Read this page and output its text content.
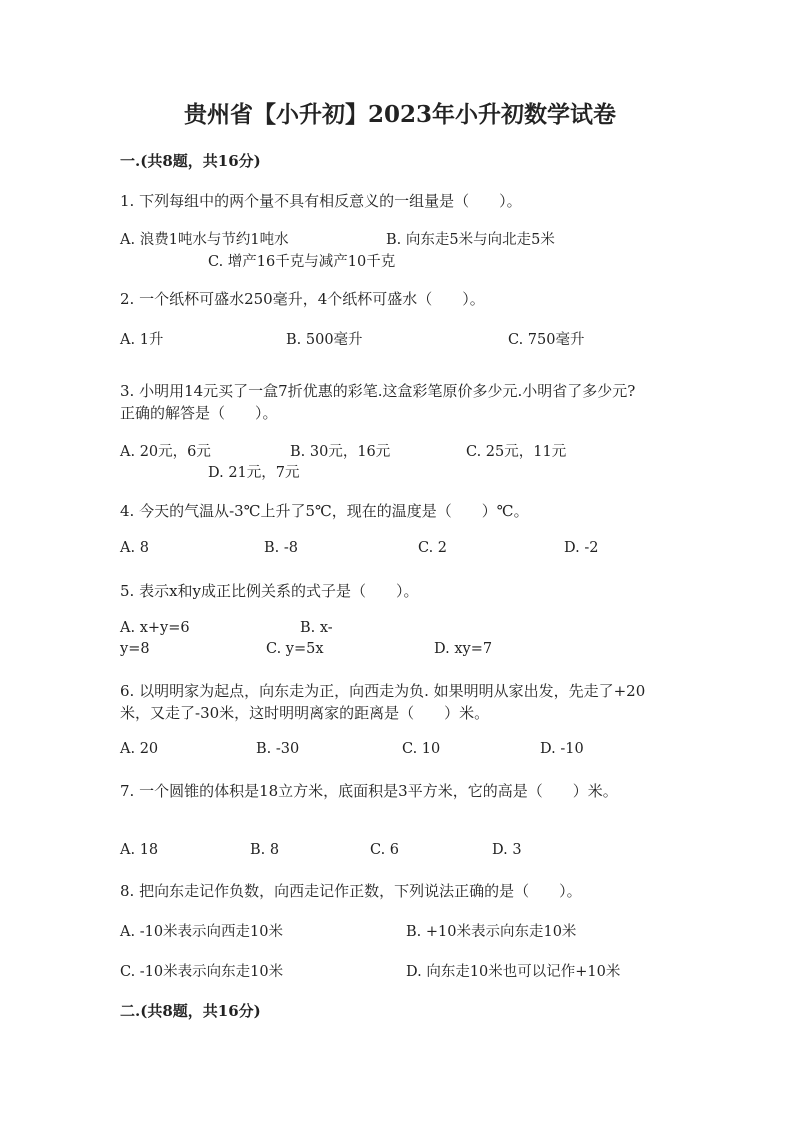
贵州省【小升初】2023年小升初数学试卷
一.(共8题，共16分)
1. 下列每组中的两个量不具有相反意义的一组量是（　　）。
A. 浪费1吨水与节约1吨水	B. 向东走5米与向北走5米
C. 增产16千克与减产10千克
2. 一个纸杯可盛水250毫升，4个纸杯可盛水（　　）。
A. 1升	B. 500毫升	C. 750毫升
3. 小明用14元买了一盒7折优惠的彩笔.这盒彩笔原价多少元.小明省了多少元?
正确的解答是（　　）。
A. 20元，6元	B. 30元，16元	C. 25元，11元
D. 21元，7元
4. 今天的气温从-3℃上升了5℃，现在的温度是（　　）℃。
A. 8	B. -8	C. 2	D. -2
5. 表示x和y成正比例关系的式子是（　　）。
A. x+y=6	B. x-
y=8	C. y=5x	D. xy=7
6. 以明明家为起点，向东走为正，向西走为负. 如果明明从家出发，先走了+20
米，又走了-30米，这时明明离家的距离是（　　）米。
A. 20	B. -30	C. 10	D. -10
7. 一个圆锥的体积是18立方米，底面积是3平方米，它的高是（　　）米。
A. 18	B. 8	C. 6	D. 3
8. 把向东走记作负数，向西走记作正数，下列说法正确的是（　　）。
A. -10米表示向西走10米	B. +10米表示向东走10米
C. -10米表示向东走10米	D. 向东走10米也可以记作+10米
二.(共8题，共16分)
